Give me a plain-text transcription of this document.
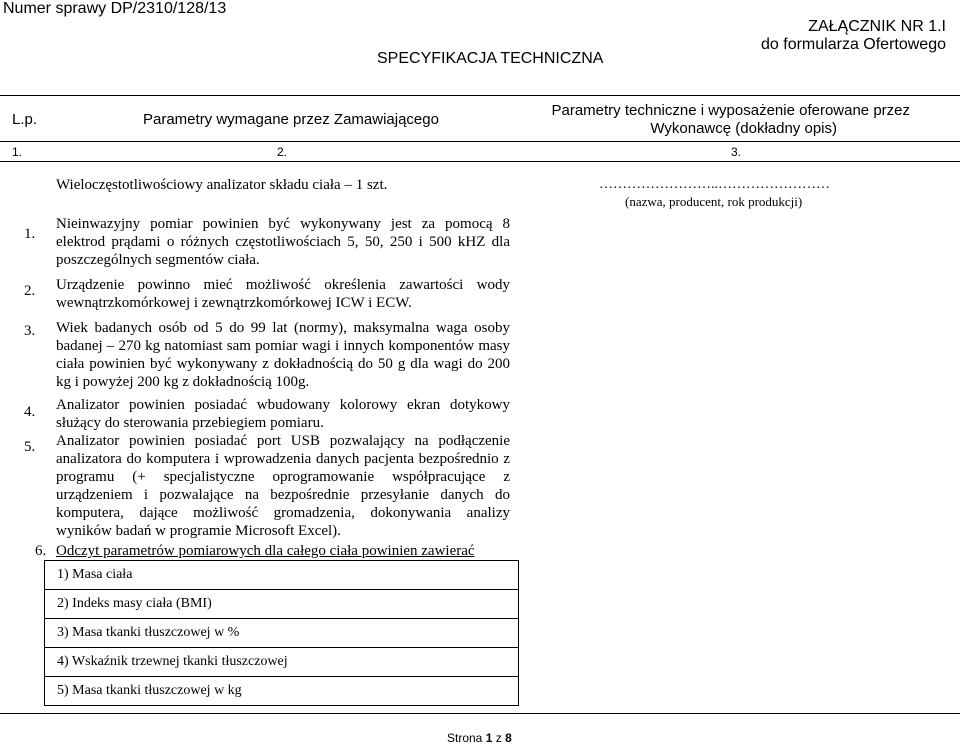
Numer sprawy DP/2310/128/13
ZAŁĄCZNIK NR 1.I
do formularza Ofertowego
SPECYFIKACJA TECHNICZNA
L.p.	Parametry wymagane przez Zamawiającego
Parametry techniczne i wyposażenie oferowane przez
Wykonawcę (dokładny opis)
1.	2.	3.
Wieloczęstotliwościowy analizator składu ciała – 1 szt.	……………………..……………………
(nazwa, producent, rok produkcji)
1.
Nieinwazyjny pomiar powinien być wykonywany jest za pomocą 8 elektrod prądami o różnych częstotliwościach 5, 50, 250 i 500 kHZ dla poszczególnych segmentów ciała.
2. Urządzenie powinno mieć możliwość określenia zawartości wody wewnątrzkomórkowej i zewnątrzkomórkowej ICW i ECW.
3. Wiek badanych osób od 5 do 99 lat (normy), maksymalna waga osoby badanej – 270 kg natomiast sam pomiar wagi i innych komponentów masy ciała powinien być wykonywany z dokładnością do 50 g dla wagi do 200 kg i powyżej 200 kg z dokładnością 100g.
4. Analizator powinien posiadać wbudowany kolorowy ekran dotykowy służący do sterowania przebiegiem pomiaru.
5. Analizator powinien posiadać port USB pozwalający na podłączenie analizatora do komputera i wprowadzenia danych pacjenta bezpośrednio z programu (+ specjalistyczne oprogramowanie współpracujące z urządzeniem i pozwalające na bezpośrednie przesyłanie danych do komputera, dające możliwość gromadzenia, dokonywania analizy wyników badań w programie Microsoft Excel).
6. Odczyt parametrów pomiarowych dla całego ciała powinien zawierać
1) Masa ciała
2) Indeks masy ciała (BMI)
3) Masa tkanki tłuszczowej w %
4) Wskaźnik trzewnej tkanki tłuszczowej
5) Masa tkanki tłuszczowej w kg
Strona 1 z 8
